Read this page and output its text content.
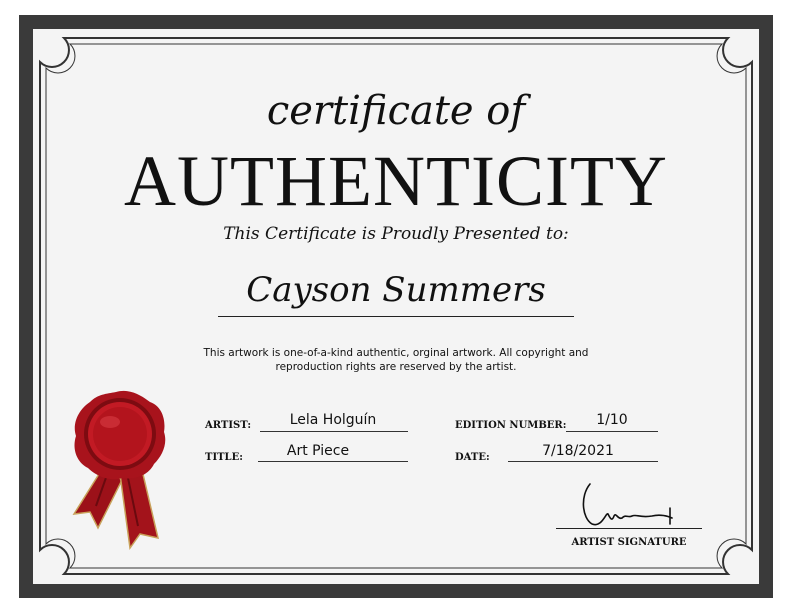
certificate of
AUTHENTICITY
This Certificate is Proudly Presented to:
Cayson Summers
This artwork is one-of-a-kind authentic, orginal artwork. All copyright and reproduction rights are reserved by the artist.
ARTIST:	Lela Holguín
TITLE:	Art Piece
EDITION NUMBER:	1/10
DATE:	7/18/2021
ARTIST SIGNATURE
